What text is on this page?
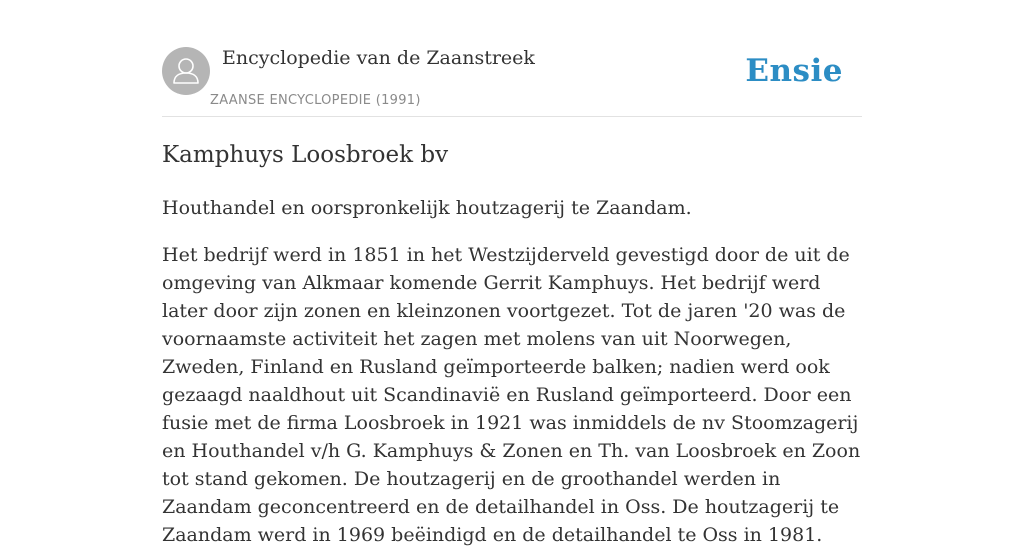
Encyclopedie van de Zaanstreek
ZAANSE ENCYCLOPEDIE (1991)
Ensie
Kamphuys Loosbroek bv

Houthandel en oorspronkelijk houtzagerij te Zaandam.

Het bedrijf werd in 1851 in het Westzijderveld gevestigd door de uit de omgeving van Alkmaar komende Gerrit Kamphuys. Het bedrijf werd later door zijn zonen en kleinzonen voortgezet. Tot de jaren '20 was de voornaamste activiteit het zagen met molens van uit Noorwegen, Zweden, Finland en Rusland geïmporteerde balken; nadien werd ook gezaagd naaldhout uit Scandinavië en Rusland geïmporteerd. Door een fusie met de firma Loosbroek in 1921 was inmiddels de nv Stoomzagerij en Houthandel v/h G. Kamphuys & Zonen en Th. van Loosbroek en Zoon tot stand gekomen. De houtzagerij en de groothandel werden in Zaandam geconcentreerd en de detailhandel in Oss. De houtzagerij te Zaandam werd in 1969 beëindigd en de detailhandel te Oss in 1981.
